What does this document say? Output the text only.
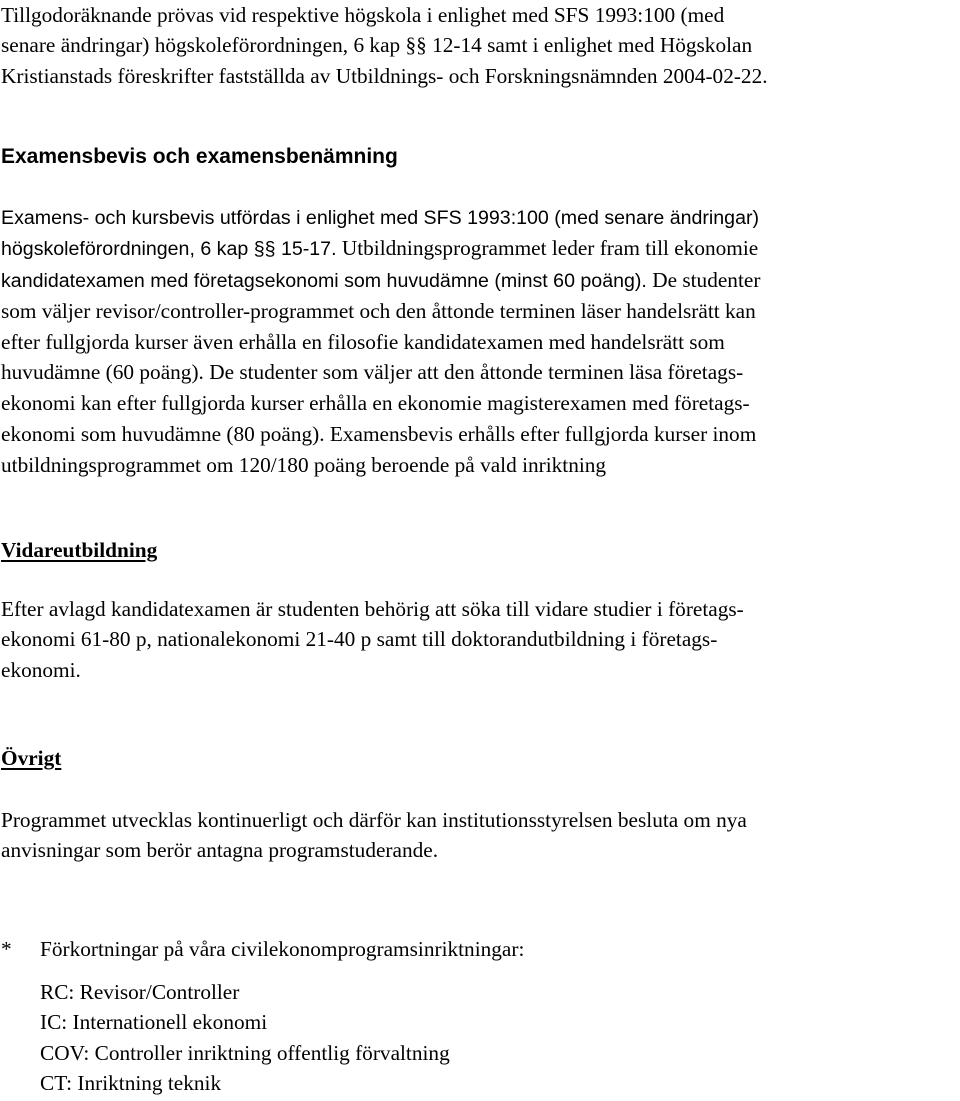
Tillgodoräknande prövas vid respektive högskola i enlighet med SFS 1993:100 (med
senare ändringar) högskoleförordningen, 6 kap §§ 12-14 samt i enlighet med Högskolan
Kristianstads föreskrifter fastställda av Utbildnings- och Forskningsnämnden 2004-02-22.

Examensbevis och examensbenämning

Examens- och kursbevis utfördas i enlighet med SFS 1993:100 (med senare ändringar)
högskoleförordningen, 6 kap §§ 15-17. Utbildningsprogrammet leder fram till ekonomie
kandidatexamen med företagsekonomi som huvudämne (minst 60 poäng). De studenter
som väljer revisor/controller-programmet och den åttonde terminen läser handelsrätt kan
efter fullgjorda kurser även erhålla en filosofie kandidatexamen med handelsrätt som
huvudämne (60 poäng). De studenter som väljer att den åttonde terminen läsa företags-
ekonomi kan efter fullgjorda kurser erhålla en ekonomie magisterexamen med företags-
ekonomi som huvudämne (80 poäng). Examensbevis erhålls efter fullgjorda kurser inom
utbildningsprogrammet om 120/180 poäng beroende på vald inriktning

Vidareutbildning

Efter avlagd kandidatexamen är studenten behörig att söka till vidare studier i företags-
ekonomi 61-80 p, nationalekonomi 21-40 p samt till doktorandutbildning i företags-
ekonomi.

Övrigt

Programmet utvecklas kontinuerligt och därför kan institutionsstyrelsen besluta om nya
anvisningar som berör antagna programstuderande.

* Förkortningar på våra civilekonomprogramsinriktningar:
RC: Revisor/Controller
IC: Internationell ekonomi
COV: Controller inriktning offentlig förvaltning
CT: Inriktning teknik
